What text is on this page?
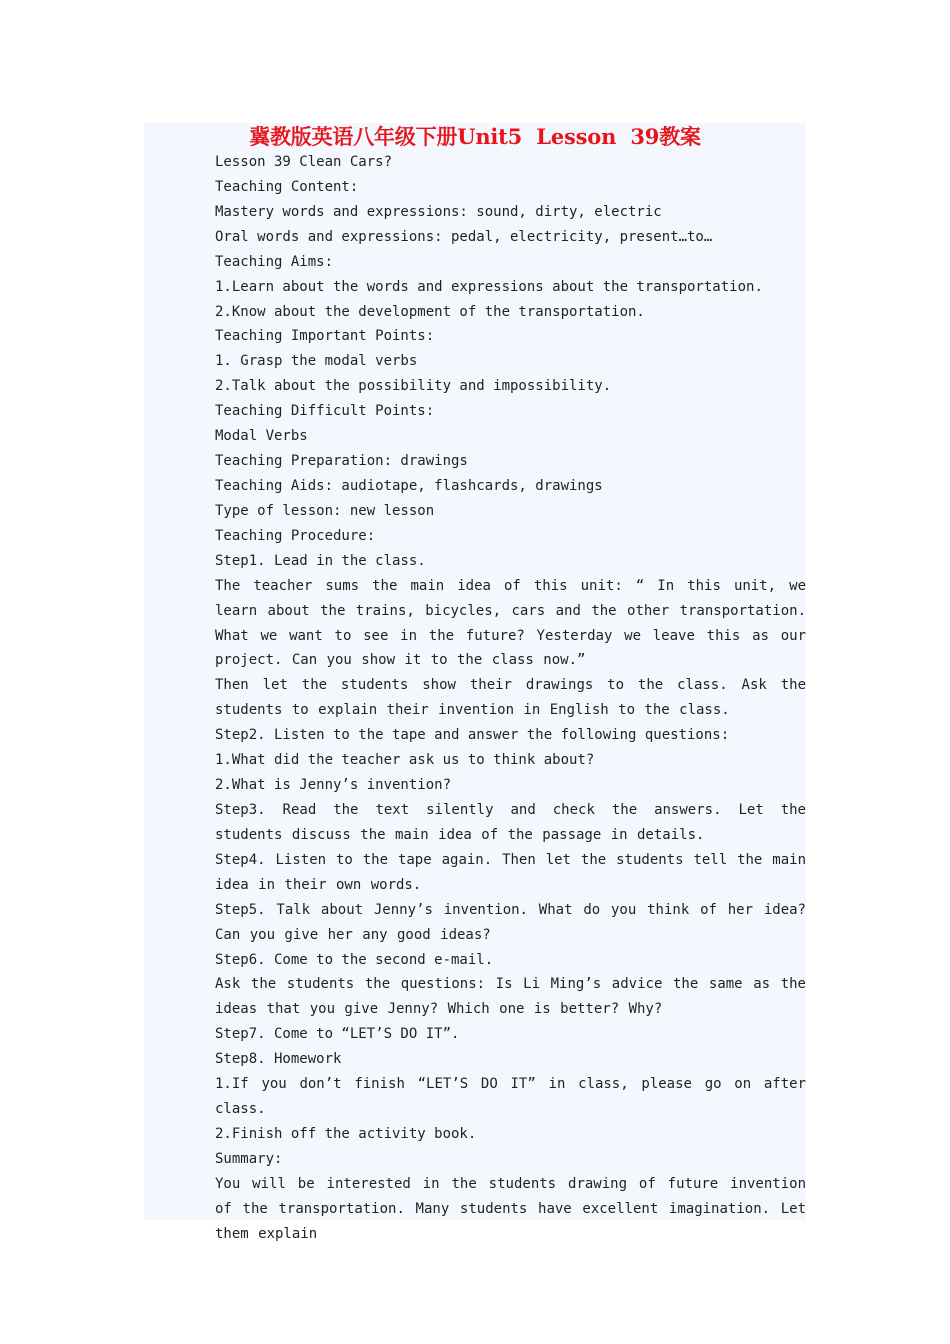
冀教版英语八年级下册Unit5  Lesson  39教案
Lesson 39 Clean Cars?
Teaching Content:
Mastery words and expressions: sound, dirty, electric
Oral words and expressions: pedal, electricity, present…to…
Teaching Aims:
1.Learn about the words and expressions about the transportation.
2.Know about the development of the transportation.
Teaching Important Points:
1. Grasp the modal verbs
2.Talk about the possibility and impossibility.
Teaching Difficult Points:
Modal Verbs
Teaching Preparation: drawings
Teaching Aids: audiotape, flashcards, drawings
Type of lesson: new lesson
Teaching Procedure:
Step1. Lead in the class.
The teacher sums the main idea of this unit: “ In this unit, we learn about the trains, bicycles, cars and the other transportation. What we want to see in the future? Yesterday we leave this as our project. Can you show it to the class now.”
Then let the students show their drawings to the class. Ask the students to explain their invention in English to the class.
Step2. Listen to the tape and answer the following questions:
1.What did the teacher ask us to think about?
2.What is Jenny’s invention?
Step3. Read the text silently and check the answers. Let the students discuss the main idea of the passage in details.
Step4. Listen to the tape again. Then let the students tell the main idea in their own words.
Step5. Talk about Jenny’s invention. What do you think of her idea? Can you give her any good ideas?
Step6. Come to the second e-mail.
Ask the students the questions: Is Li Ming’s advice the same as the ideas that you give Jenny? Which one is better? Why?
Step7. Come to “LET’S DO IT”.
Step8. Homework
1.If you don’t finish “LET’S DO IT” in class, please go on after class.
2.Finish off the activity book.
Summary:
You will be interested in the students drawing of future invention of the transportation. Many students have excellent imagination. Let them explain
